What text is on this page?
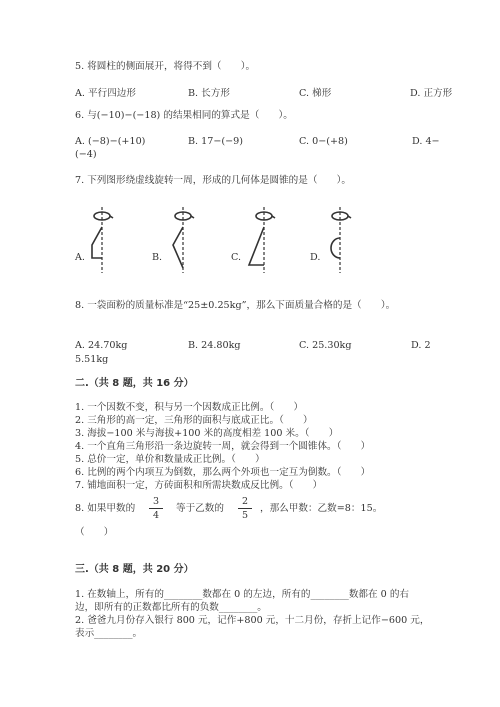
5. 将圆柱的侧面展开，将得不到（　　）。
A. 平行四边形	B. 长方形	C. 梯形	D. 正方形
6. 与(−10)−(−18) 的结果相同的算式是（　　）。
A. (−8)−(+10)	B. 17−(−9)	C. 0−(+8)	D. 4−
(−4)
7. 下列图形绕虚线旋转一周，形成的几何体是圆锥的是（　　）。
A.	B.	C.	D.
8. 一袋面粉的质量标准是“25±0.25kg”，那么下面质量合格的是（　　）。
A. 24.70kg	B. 24.80kg	C. 25.30kg	D. 2
5.51kg
二.（共 8 题，共 16 分）
1. 一个因数不变，积与另一个因数成正比例。（　　）
2. 三角形的高一定，三角形的面积与底成正比。（　　）
3. 海拔−100 米与海拔+100 米的高度相差 100 米。（　　）
4. 一个直角三角形沿一条边旋转一周，就会得到一个圆锥体。（　　）
5. 总价一定，单价和数量成正比例。（　　）
6. 比例的两个内项互为倒数，那么两个外项也一定互为倒数。（　　）
7. 铺地面积一定，方砖面积和所需块数成反比例。（　　）
8. 如果甲数的
3
4
等于乙数的
2
5
，那么甲数：乙数=8：15。
（　　）
三.（共 8 题，共 20 分）
1. 在数轴上，所有的________数都在 0 的左边，所有的________数都在 0 的右
边，即所有的正数都比所有的负数________。
2. 爸爸九月份存入银行 800 元，记作+800 元，十二月份，存折上记作−600 元，
表示________。
